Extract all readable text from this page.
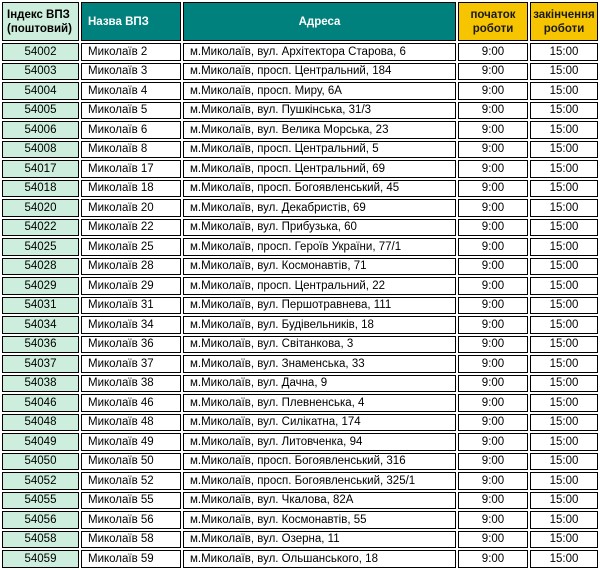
Індекс ВПЗ (поштовий)	Назва ВПЗ	Адреса	початок роботи	закінчення роботи
54002	Миколаїв 2	м.Миколаїв, вул. Архітектора Старова, 6	9:00	15:00
54003	Миколаїв 3	м.Миколаїв, просп. Центральний, 184	9:00	15:00
54004	Миколаїв 4	м.Миколаїв, просп. Миру, 6А	9:00	15:00
54005	Миколаїв 5	м.Миколаїв, вул. Пушкінська, 31/3	9:00	15:00
54006	Миколаїв 6	м.Миколаїв, вул. Велика Морська, 23	9:00	15:00
54008	Миколаїв 8	м.Миколаїв, просп. Центральний, 5	9:00	15:00
54017	Миколаїв 17	м.Миколаїв, просп. Центральний, 69	9:00	15:00
54018	Миколаїв 18	м.Миколаїв, просп. Богоявленський, 45	9:00	15:00
54020	Миколаїв 20	м.Миколаїв, вул. Декабристів, 69	9:00	15:00
54022	Миколаїв 22	м.Миколаїв, вул. Прибузька, 60	9:00	15:00
54025	Миколаїв 25	м.Миколаїв, просп. Героїв України, 77/1	9:00	15:00
54028	Миколаїв 28	м.Миколаїв, вул. Космонавтів, 71	9:00	15:00
54029	Миколаїв 29	м.Миколаїв, просп. Центральний, 22	9:00	15:00
54031	Миколаїв 31	м.Миколаїв, вул. Першотравнева, 111	9:00	15:00
54034	Миколаїв 34	м.Миколаїв, вул. Будівельників, 18	9:00	15:00
54036	Миколаїв 36	м.Миколаїв, вул. Світанкова, 3	9:00	15:00
54037	Миколаїв 37	м.Миколаїв, вул. Знаменська, 33	9:00	15:00
54038	Миколаїв 38	м.Миколаїв, вул. Дачна, 9	9:00	15:00
54046	Миколаїв 46	м.Миколаїв, вул. Плевненська, 4	9:00	15:00
54048	Миколаїв 48	м.Миколаїв, вул. Силікатна, 174	9:00	15:00
54049	Миколаїв 49	м.Миколаїв, вул. Литовченка, 94	9:00	15:00
54050	Миколаїв 50	м.Миколаїв, просп. Богоявленський, 316	9:00	15:00
54052	Миколаїв 52	м.Миколаїв, просп. Богоявленський, 325/1	9:00	15:00
54055	Миколаїв 55	м.Миколаїв, вул. Чкалова, 82А	9:00	15:00
54056	Миколаїв 56	м.Миколаїв, вул. Космонавтів, 55	9:00	15:00
54058	Миколаїв 58	м.Миколаїв, вул. Озерна, 11	9:00	15:00
54059	Миколаїв 59	м.Миколаїв, вул. Ольшанського, 18	9:00	15:00
